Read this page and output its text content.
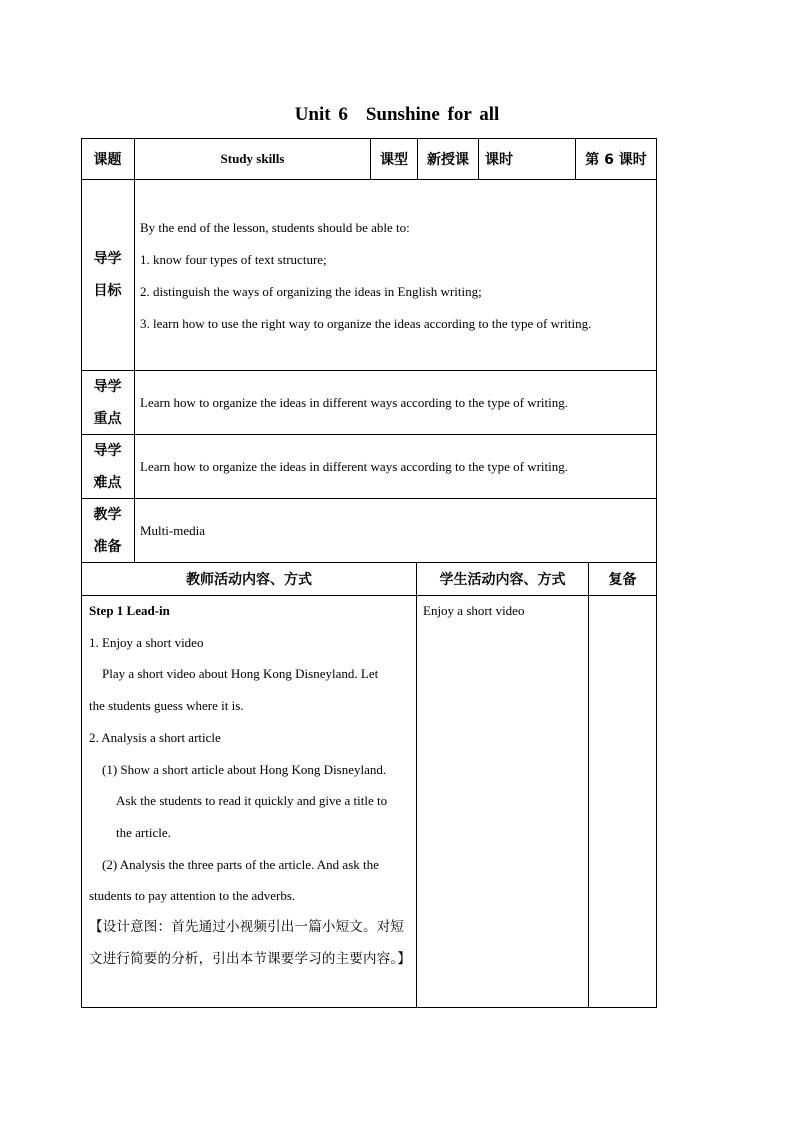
Unit 6 Sunshine for all
课题	Study skills	课型	新授课	课时	第 6 课时
导学
目标
By the end of the lesson, students should be able to:
1. know four types of text structure;
2. distinguish the ways of organizing the ideas in English writing;
3. learn how to use the right way to organize the ideas according to the type of writing.
导学
重点
Learn how to organize the ideas in different ways according to the type of writing.
导学
难点
Learn how to organize the ideas in different ways according to the type of writing.
教学
准备
Multi-media
教师活动内容、方式	学生活动内容、方式	复备
Step 1 Lead-in
1. Enjoy a short video
Play a short video about Hong Kong Disneyland. Let
the students guess where it is.
2. Analysis a short article
(1) Show a short article about Hong Kong Disneyland.
Ask the students to read it quickly and give a title to
the article.
(2) Analysis the three parts of the article. And ask the
students to pay attention to the adverbs.
【设计意图：首先通过小视频引出一篇小短文。对短
文进行简要的分析，引出本节课要学习的主要内容。】
Enjoy a short video
